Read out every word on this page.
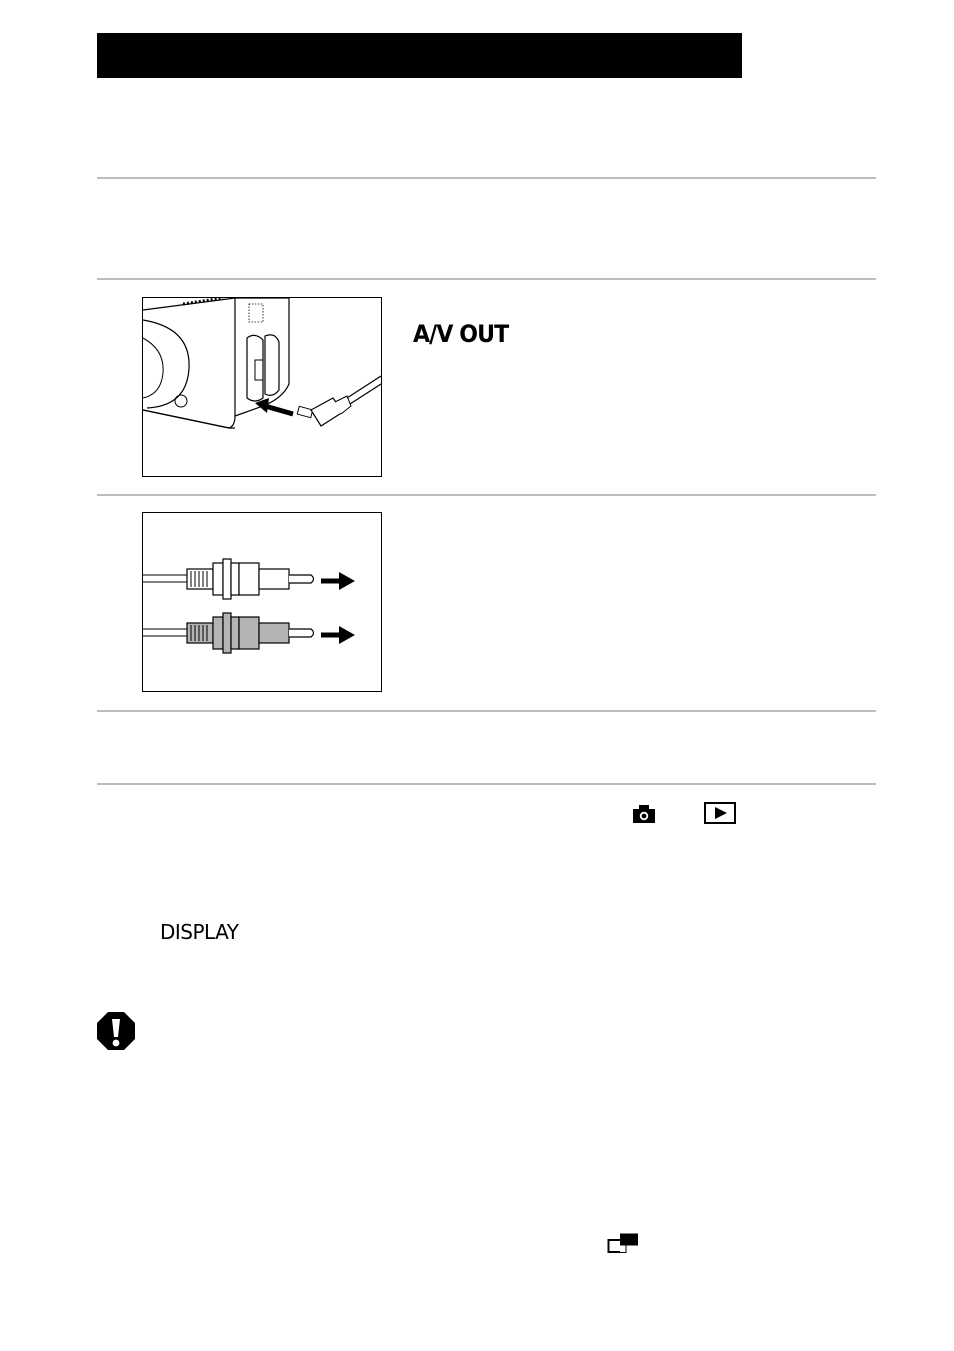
A/V OUT
DISPLAY
